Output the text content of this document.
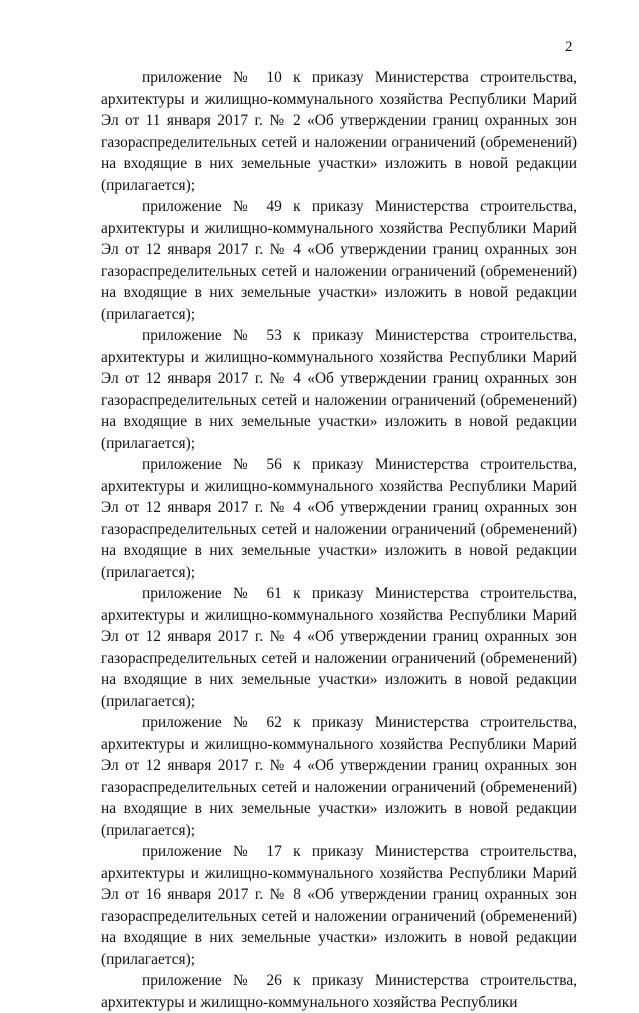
2

приложение № 10 к приказу Министерства строительства, архитектуры и жилищно-коммунального хозяйства Республики Марий Эл от 11 января 2017 г. № 2 «Об утверждении границ охранных зон газораспределительных сетей и наложении ограничений (обременений) на входящие в них земельные участки» изложить в новой редакции (прилагается);

приложение № 49 к приказу Министерства строительства, архитектуры и жилищно-коммунального хозяйства Республики Марий Эл от 12 января 2017 г. № 4 «Об утверждении границ охранных зон газораспределительных сетей и наложении ограничений (обременений) на входящие в них земельные участки» изложить в новой редакции (прилагается);

приложение № 53 к приказу Министерства строительства, архитектуры и жилищно-коммунального хозяйства Республики Марий Эл от 12 января 2017 г. № 4 «Об утверждении границ охранных зон газораспределительных сетей и наложении ограничений (обременений) на входящие в них земельные участки» изложить в новой редакции (прилагается);

приложение № 56 к приказу Министерства строительства, архитектуры и жилищно-коммунального хозяйства Республики Марий Эл от 12 января 2017 г. № 4 «Об утверждении границ охранных зон газораспределительных сетей и наложении ограничений (обременений) на входящие в них земельные участки» изложить в новой редакции (прилагается);

приложение № 61 к приказу Министерства строительства, архитектуры и жилищно-коммунального хозяйства Республики Марий Эл от 12 января 2017 г. № 4 «Об утверждении границ охранных зон газораспределительных сетей и наложении ограничений (обременений) на входящие в них земельные участки» изложить в новой редакции (прилагается);

приложение № 62 к приказу Министерства строительства, архитектуры и жилищно-коммунального хозяйства Республики Марий Эл от 12 января 2017 г. № 4 «Об утверждении границ охранных зон газораспределительных сетей и наложении ограничений (обременений) на входящие в них земельные участки» изложить в новой редакции (прилагается);

приложение № 17 к приказу Министерства строительства, архитектуры и жилищно-коммунального хозяйства Республики Марий Эл от 16 января 2017 г. № 8 «Об утверждении границ охранных зон газораспределительных сетей и наложении ограничений (обременений) на входящие в них земельные участки» изложить в новой редакции (прилагается);

приложение № 26 к приказу Министерства строительства, архитектуры и жилищно-коммунального хозяйства Республики
